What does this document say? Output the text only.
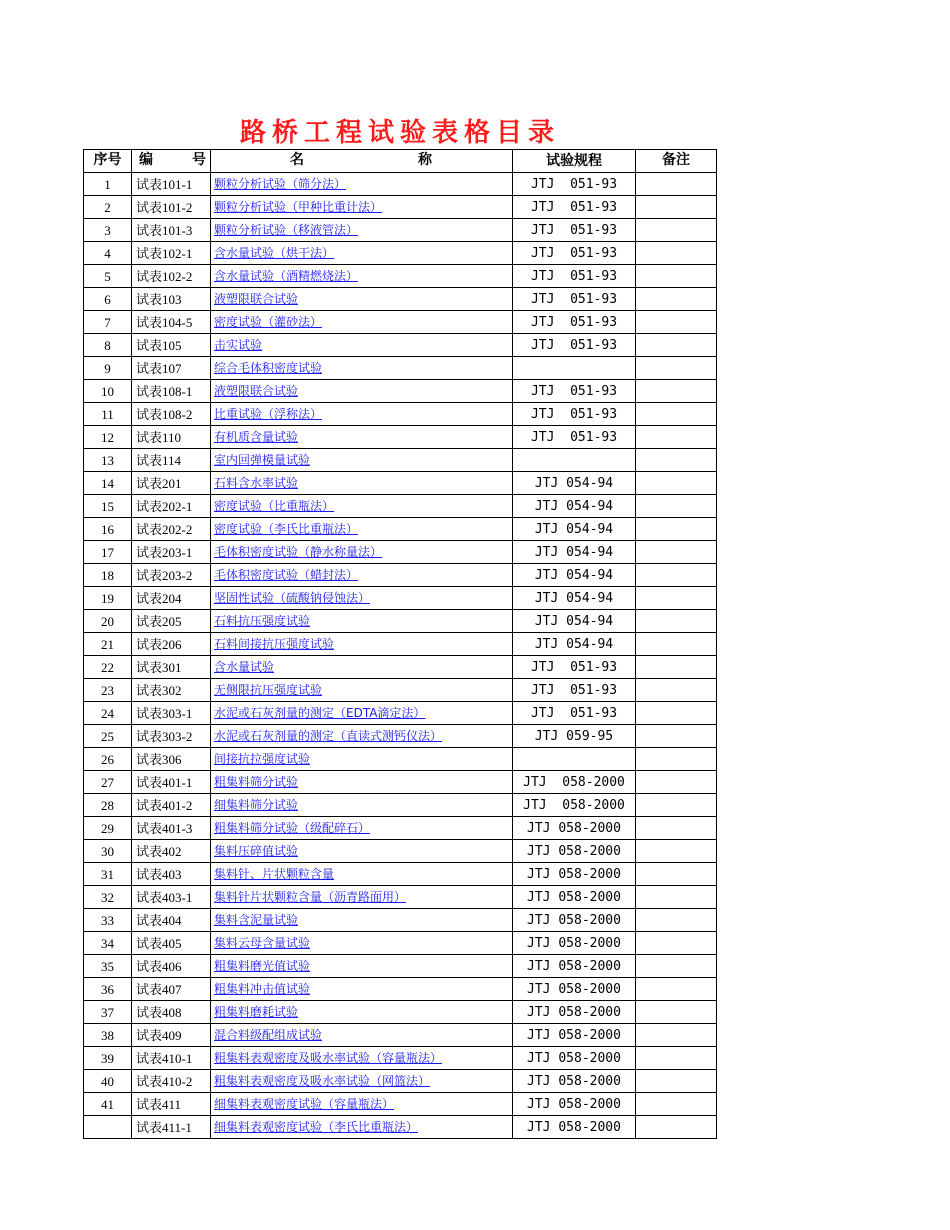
路桥工程试验表格目录
序号	编 号	名 称	试验规程	备注
1	试表101-1	颗粒分析试验（筛分法）	JTJ  051-93	
2	试表101-2	颗粒分析试验（甲种比重计法）	JTJ  051-93	
3	试表101-3	颗粒分析试验（移液管法）	JTJ  051-93	
4	试表102-1	含水量试验（烘干法）	JTJ  051-93	
5	试表102-2	含水量试验（酒精燃烧法）	JTJ  051-93	
6	试表103	液塑限联合试验	JTJ  051-93	
7	试表104-5	密度试验（灌砂法）	JTJ  051-93	
8	试表105	击实试验	JTJ  051-93	
9	试表107	综合毛体积密度试验		
10	试表108-1	液塑限联合试验	JTJ  051-93	
11	试表108-2	比重试验（浮称法）	JTJ  051-93	
12	试表110	有机质含量试验	JTJ  051-93	
13	试表114	室内回弹模量试验		
14	试表201	石料含水率试验	JTJ 054-94	
15	试表202-1	密度试验（比重瓶法）	JTJ 054-94	
16	试表202-2	密度试验（李氏比重瓶法）	JTJ 054-94	
17	试表203-1	毛体积密度试验（静水称量法）	JTJ 054-94	
18	试表203-2	毛体积密度试验（蜡封法）	JTJ 054-94	
19	试表204	坚固性试验（硫酸钠侵蚀法）	JTJ 054-94	
20	试表205	石料抗压强度试验	JTJ 054-94	
21	试表206	石料间接抗压强度试验	JTJ 054-94	
22	试表301	含水量试验	JTJ  051-93	
23	试表302	无侧限抗压强度试验	JTJ  051-93	
24	试表303-1	水泥或石灰剂量的测定（EDTA滴定法）	JTJ  051-93	
25	试表303-2	水泥或石灰剂量的测定（直读式测钙仪法）	JTJ 059-95	
26	试表306	间接抗拉强度试验		
27	试表401-1	粗集料筛分试验	JTJ  058-2000	
28	试表401-2	细集料筛分试验	JTJ  058-2000	
29	试表401-3	粗集料筛分试验（级配碎石）	JTJ 058-2000	
30	试表402	集料压碎值试验	JTJ 058-2000	
31	试表403	集料针、片状颗粒含量	JTJ 058-2000	
32	试表403-1	集料针片状颗粒含量（沥青路面用）	JTJ 058-2000	
33	试表404	集料含泥量试验	JTJ 058-2000	
34	试表405	集料云母含量试验	JTJ 058-2000	
35	试表406	粗集料磨光值试验	JTJ 058-2000	
36	试表407	粗集料冲击值试验	JTJ 058-2000	
37	试表408	粗集料磨耗试验	JTJ 058-2000	
38	试表409	混合料级配组成试验	JTJ 058-2000	
39	试表410-1	粗集料表观密度及吸水率试验（容量瓶法）	JTJ 058-2000	
40	试表410-2	粗集料表观密度及吸水率试验（网篮法）	JTJ 058-2000	
41	试表411	细集料表观密度试验（容量瓶法）	JTJ 058-2000	
	试表411-1	细集料表观密度试验（李氏比重瓶法）	JTJ 058-2000	
